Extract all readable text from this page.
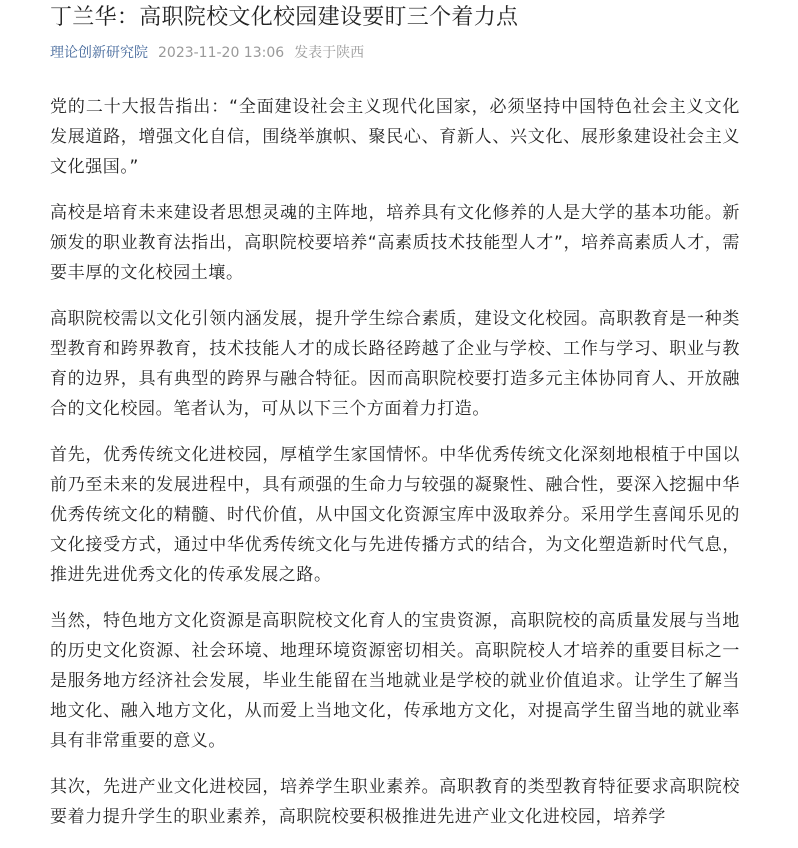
丁兰华：高职院校文化校园建设要盯三个着力点
理论创新研究院 2023-11-20 13:06 发表于陕西

党的二十大报告指出：“全面建设社会主义现代化国家，必须坚持中国特色社会主义文化发展道路，增强文化自信，围绕举旗帜、聚民心、育新人、兴文化、展形象建设社会主义文化强国。”

高校是培育未来建设者思想灵魂的主阵地，培养具有文化修养的人是大学的基本功能。新颁发的职业教育法指出，高职院校要培养“高素质技术技能型人才”，培养高素质人才，需要丰厚的文化校园土壤。

高职院校需以文化引领内涵发展，提升学生综合素质，建设文化校园。高职教育是一种类型教育和跨界教育，技术技能人才的成长路径跨越了企业与学校、工作与学习、职业与教育的边界，具有典型的跨界与融合特征。因而高职院校要打造多元主体协同育人、开放融合的文化校园。笔者认为，可从以下三个方面着力打造。

首先，优秀传统文化进校园，厚植学生家国情怀。中华优秀传统文化深刻地根植于中国以前乃至未来的发展进程中，具有顽强的生命力与较强的凝聚性、融合性，要深入挖掘中华优秀传统文化的精髓、时代价值，从中国文化资源宝库中汲取养分。采用学生喜闻乐见的文化接受方式，通过中华优秀传统文化与先进传播方式的结合，为文化塑造新时代气息，推进先进优秀文化的传承发展之路。

当然，特色地方文化资源是高职院校文化育人的宝贵资源，高职院校的高质量发展与当地的历史文化资源、社会环境、地理环境资源密切相关。高职院校人才培养的重要目标之一是服务地方经济社会发展，毕业生能留在当地就业是学校的就业价值追求。让学生了解当地文化、融入地方文化，从而爱上当地文化，传承地方文化，对提高学生留当地的就业率具有非常重要的意义。

其次，先进产业文化进校园，培养学生职业素养。高职教育的类型教育特征要求高职院校要着力提升学生的职业素养，高职院校要积极推进先进产业文化进校园，培养学
